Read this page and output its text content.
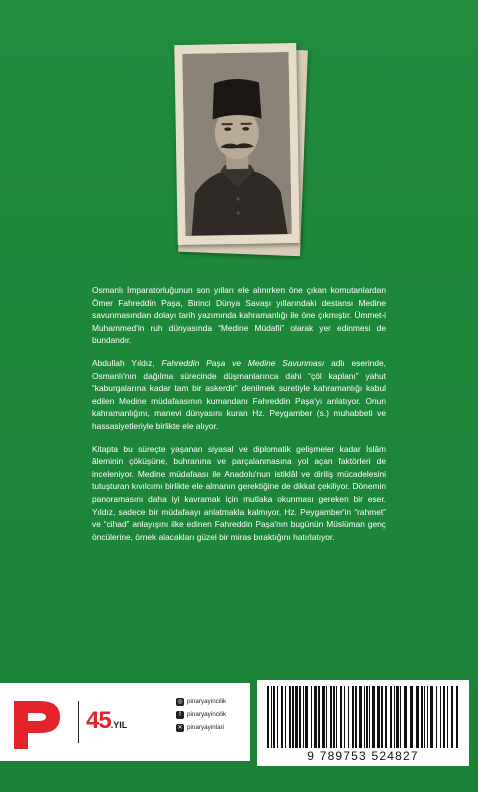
Osmanlı İmparatorluğunun son yılları ele alınırken öne çıkan komutanlardan Ömer Fahreddin Paşa, Birinci Dünya Savaşı yıllarındaki destansı Medine savunmasından dolayı tarih yazımında kahramanlığı ile öne çıkmıştır. Ümmet-i Muhammed'in ruh dünyasında “Medine Müdafii” olarak yer edinmesi de bundandır.

Abdullah Yıldız, Fahreddin Paşa ve Medine Savunması adlı eserinde, Osmanlı'nın dağılma sürecinde düşmanlarınca dahi “çöl kaplanı” yahut “kaburgalarına kadar tam bir askerdir” denilmek suretiyle kahramanlığı kabul edilen Medine müdafaasının kumandanı Fahreddin Paşa'yı anlatıyor. Onun kahramanlığını, manevi dünyasını kuran Hz. Peygamber (s.) muhabbeti ve hassasiyetleriyle birlikte ele alıyor.

Kitapta bu süreçte yaşanan siyasal ve diplomatik gelişmeler kadar İslâm âleminin çöküşüne, buhranına ve parçalanmasına yol açan faktörleri de inceleniyor. Medine müdafaası ile Anadolu'nun istiklâl ve diriliş mücadelesini tutuşturan kıvılcımı birlikte ele almanın gerektiğine de dikkat çekiliyor. Dönemin panoramasını daha iyi kavramak için mutlaka okunması gereken bir eser. Yıldız, sadece bir müdafaayı anlatmakla kalmıyor, Hz. Peygamber'in “rahmet” ve “cihad” anlayışını ilke edinen Fahreddin Paşa'nın bugünün Müslüman genç öncülerine, örnek alacakları güzel bir miras bıraktığını hatırlatıyor.

45.YIL
◎ pinaryayincilik
f pinaryayincilik
✕ pinaryayinlari
9 789753 524827
